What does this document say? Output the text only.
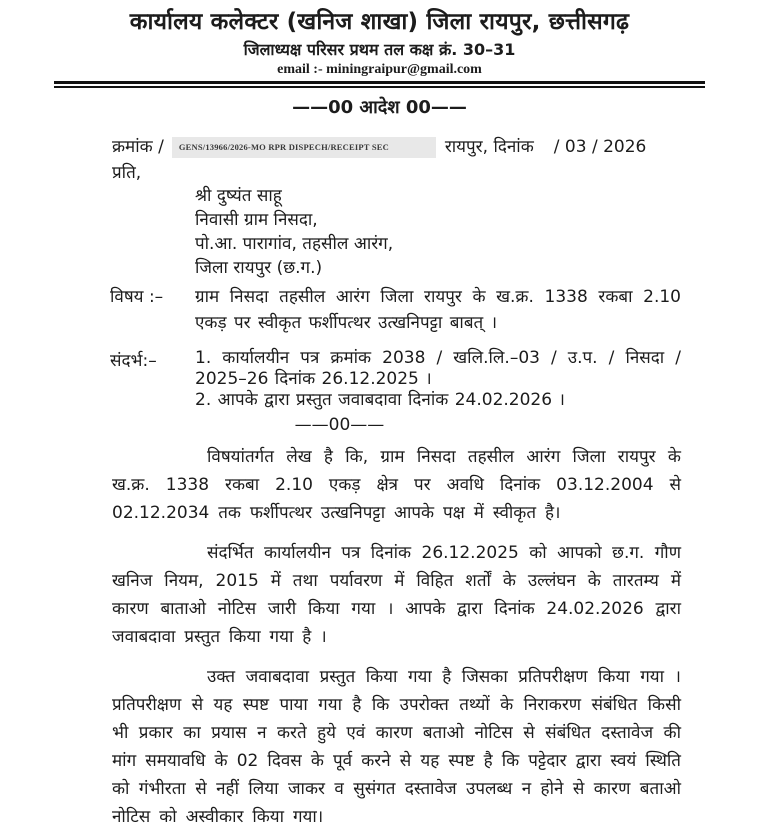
कार्यालय कलेक्टर (खनिज शाखा) जिला रायपुर, छत्तीसगढ़
जिलाध्यक्ष परिसर प्रथम तल कक्ष क्रं. 30–31
email :- miningraipur@gmail.com
——00 आदेश 00——
क्रमांक /	GENS/13966/2026-MO RPR DISPECH/RECEIPT SEC	रायपुर, दिनांक / 03 / 2026
प्रति,
श्री दुष्यंत साहू
निवासी ग्राम निसदा,
पो.आ. पारागांव, तहसील आरंग,
जिला रायपुर (छ.ग.)
विषय :–	ग्राम निसदा तहसील आरंग जिला रायपुर के ख.क्र. 1338 रकबा 2.10 एकड़ पर स्वीकृत फर्शीपत्थर उत्खनिपट्टा बाबत् ।
संदर्भ:–	1. कार्यालयीन पत्र क्रमांक 2038 / खलि.लि.–03 / उ.प. / निसदा / 2025–26 दिनांक 26.12.2025 ।
2. आपके द्वारा प्रस्तुत जवाबदावा दिनांक 24.02.2026 ।
——00——
विषयांतर्गत लेख है कि, ग्राम निसदा तहसील आरंग जिला रायपुर के ख.क्र. 1338 रकबा 2.10 एकड़ क्षेत्र पर अवधि दिनांक 03.12.2004 से 02.12.2034 तक फर्शीपत्थर उत्खनिपट्टा आपके पक्ष में स्वीकृत है।
संदर्भित कार्यालयीन पत्र दिनांक 26.12.2025 को आपको छ.ग. गौण खनिज नियम, 2015 में तथा पर्यावरण में विहित शर्तों के उल्लंघन के तारतम्य में कारण बाताओ नोटिस जारी किया गया । आपके द्वारा दिनांक 24.02.2026 द्वारा जवाबदावा प्रस्तुत किया गया है ।
उक्त जवाबदावा प्रस्तुत किया गया है जिसका प्रतिपरीक्षण किया गया । प्रतिपरीक्षण से यह स्पष्ट पाया गया है कि उपरोक्त तथ्यों के निराकरण संबंधित किसी भी प्रकार का प्रयास न करते हुये एवं कारण बताओ नोटिस से संबंधित दस्तावेज की मांग समयावधि के 02 दिवस के पूर्व करने से यह स्पष्ट है कि पट्टेदार द्वारा स्वयं स्थिति को गंभीरता से नहीं लिया जाकर व सुसंगत दस्तावेज उपलब्ध न होने से कारण बताओ नोटिस को अस्वीकार किया गया।
